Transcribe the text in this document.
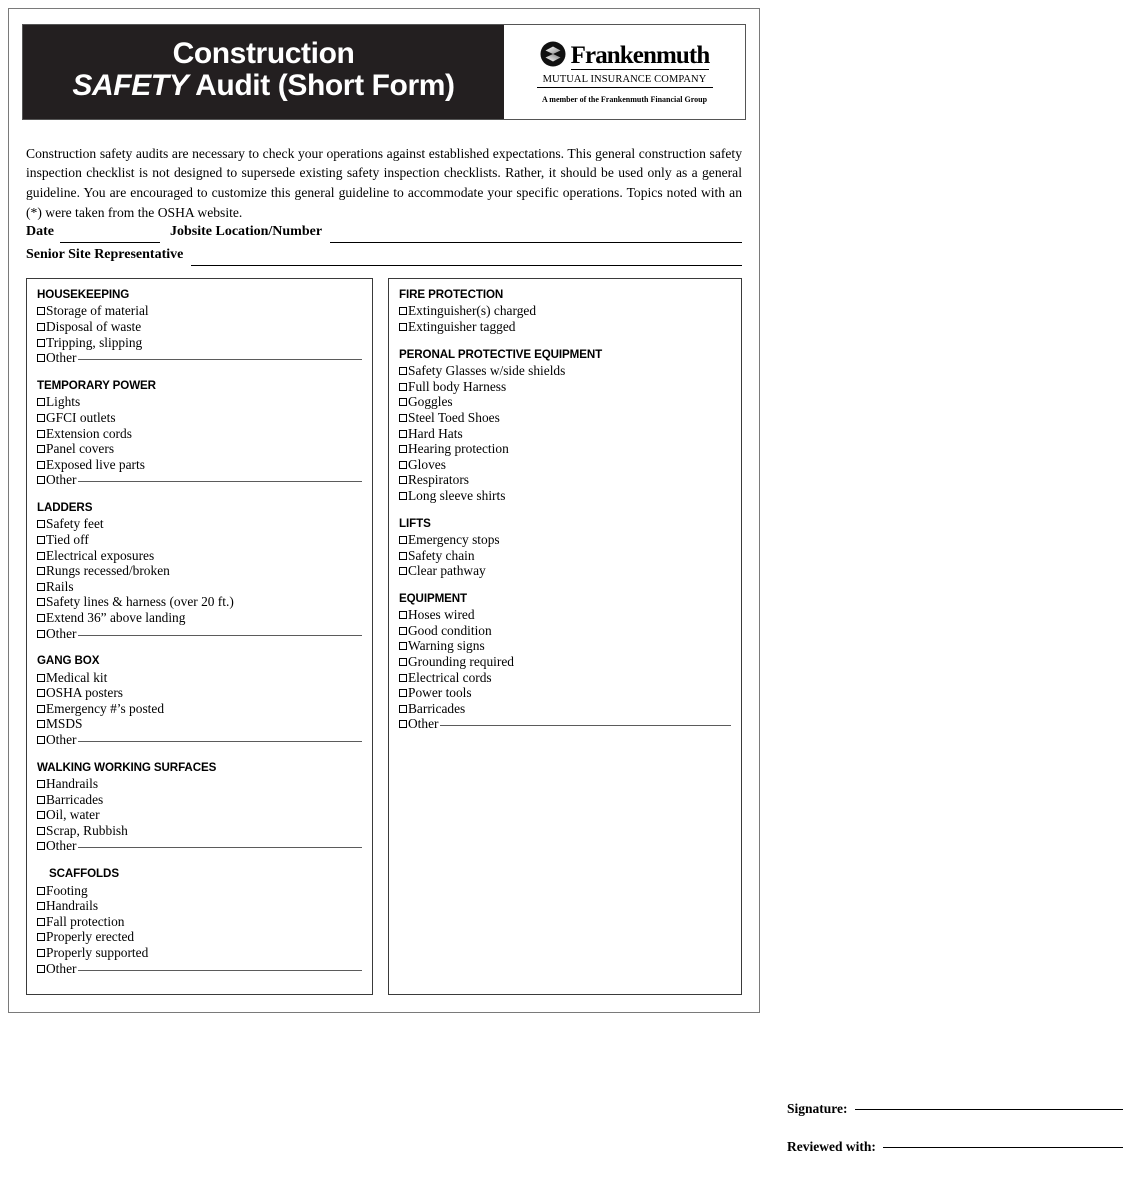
Construction
SAFETY Audit (Short Form)
Frankenmuth
MUTUAL INSURANCE COMPANY
A member of the Frankenmuth Financial Group

Construction safety audits are necessary to check your operations against established expectations. This general construction safety inspection checklist is not designed to supersede existing safety inspection checklists. Rather, it should be used only as a general guideline. You are encouraged to customize this general guideline to accommodate your specific operations. Topics noted with an (*) were taken from the OSHA website.

Date	Jobsite Location/Number
Senior Site Representative
HOUSEKEEPING
Storage of material
Disposal of waste
Tripping, slipping
Other
TEMPORARY POWER
Lights
GFCI outlets
Extension cords
Panel covers
Exposed live parts
Other
LADDERS
Safety feet
Tied off
Electrical exposures
Rungs recessed/broken
Rails
Safety lines & harness (over 20 ft.)
Extend 36” above landing
Other
GANG BOX
Medical kit
OSHA posters
Emergency #’s posted
MSDS
Other
WALKING WORKING SURFACES
Handrails
Barricades
Oil, water
Scrap, Rubbish
Other
SCAFFOLDS
Footing
Handrails
Fall protection
Properly erected
Properly supported
Other
FIRE PROTECTION
Extinguisher(s) charged
Extinguisher tagged
PERONAL PROTECTIVE EQUIPMENT
Safety Glasses w/side shields
Full body Harness
Goggles
Steel Toed Shoes
Hard Hats
Hearing protection
Gloves
Respirators
Long sleeve shirts
LIFTS
Emergency stops
Safety chain
Clear pathway
EQUIPMENT
Hoses wired
Good condition
Warning signs
Grounding required
Electrical cords
Power tools
Barricades
Other
Signature:
Reviewed with:
